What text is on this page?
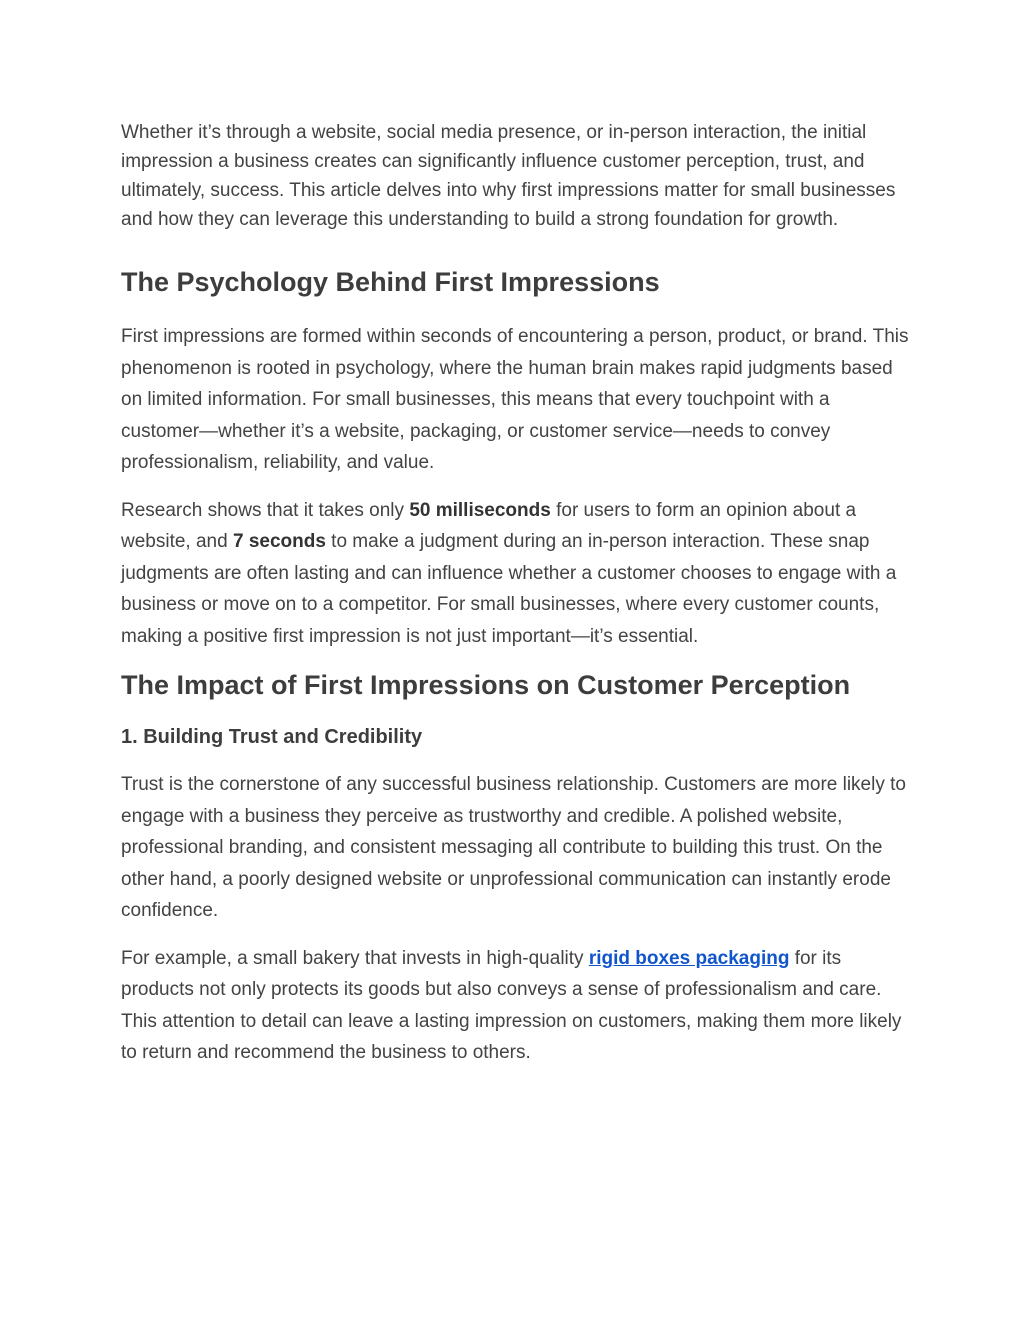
Whether it’s through a website, social media presence, or in-person interaction, the initial impression a business creates can significantly influence customer perception, trust, and ultimately, success. This article delves into why first impressions matter for small businesses and how they can leverage this understanding to build a strong foundation for growth.

The Psychology Behind First Impressions

First impressions are formed within seconds of encountering a person, product, or brand. This phenomenon is rooted in psychology, where the human brain makes rapid judgments based on limited information. For small businesses, this means that every touchpoint with a customer—whether it’s a website, packaging, or customer service—needs to convey professionalism, reliability, and value.

Research shows that it takes only 50 milliseconds for users to form an opinion about a website, and 7 seconds to make a judgment during an in-person interaction. These snap judgments are often lasting and can influence whether a customer chooses to engage with a business or move on to a competitor. For small businesses, where every customer counts, making a positive first impression is not just important—it’s essential.

The Impact of First Impressions on Customer Perception
1. Building Trust and Credibility

Trust is the cornerstone of any successful business relationship. Customers are more likely to engage with a business they perceive as trustworthy and credible. A polished website, professional branding, and consistent messaging all contribute to building this trust. On the other hand, a poorly designed website or unprofessional communication can instantly erode confidence.

For example, a small bakery that invests in high-quality rigid boxes packaging for its products not only protects its goods but also conveys a sense of professionalism and care. This attention to detail can leave a lasting impression on customers, making them more likely to return and recommend the business to others.
